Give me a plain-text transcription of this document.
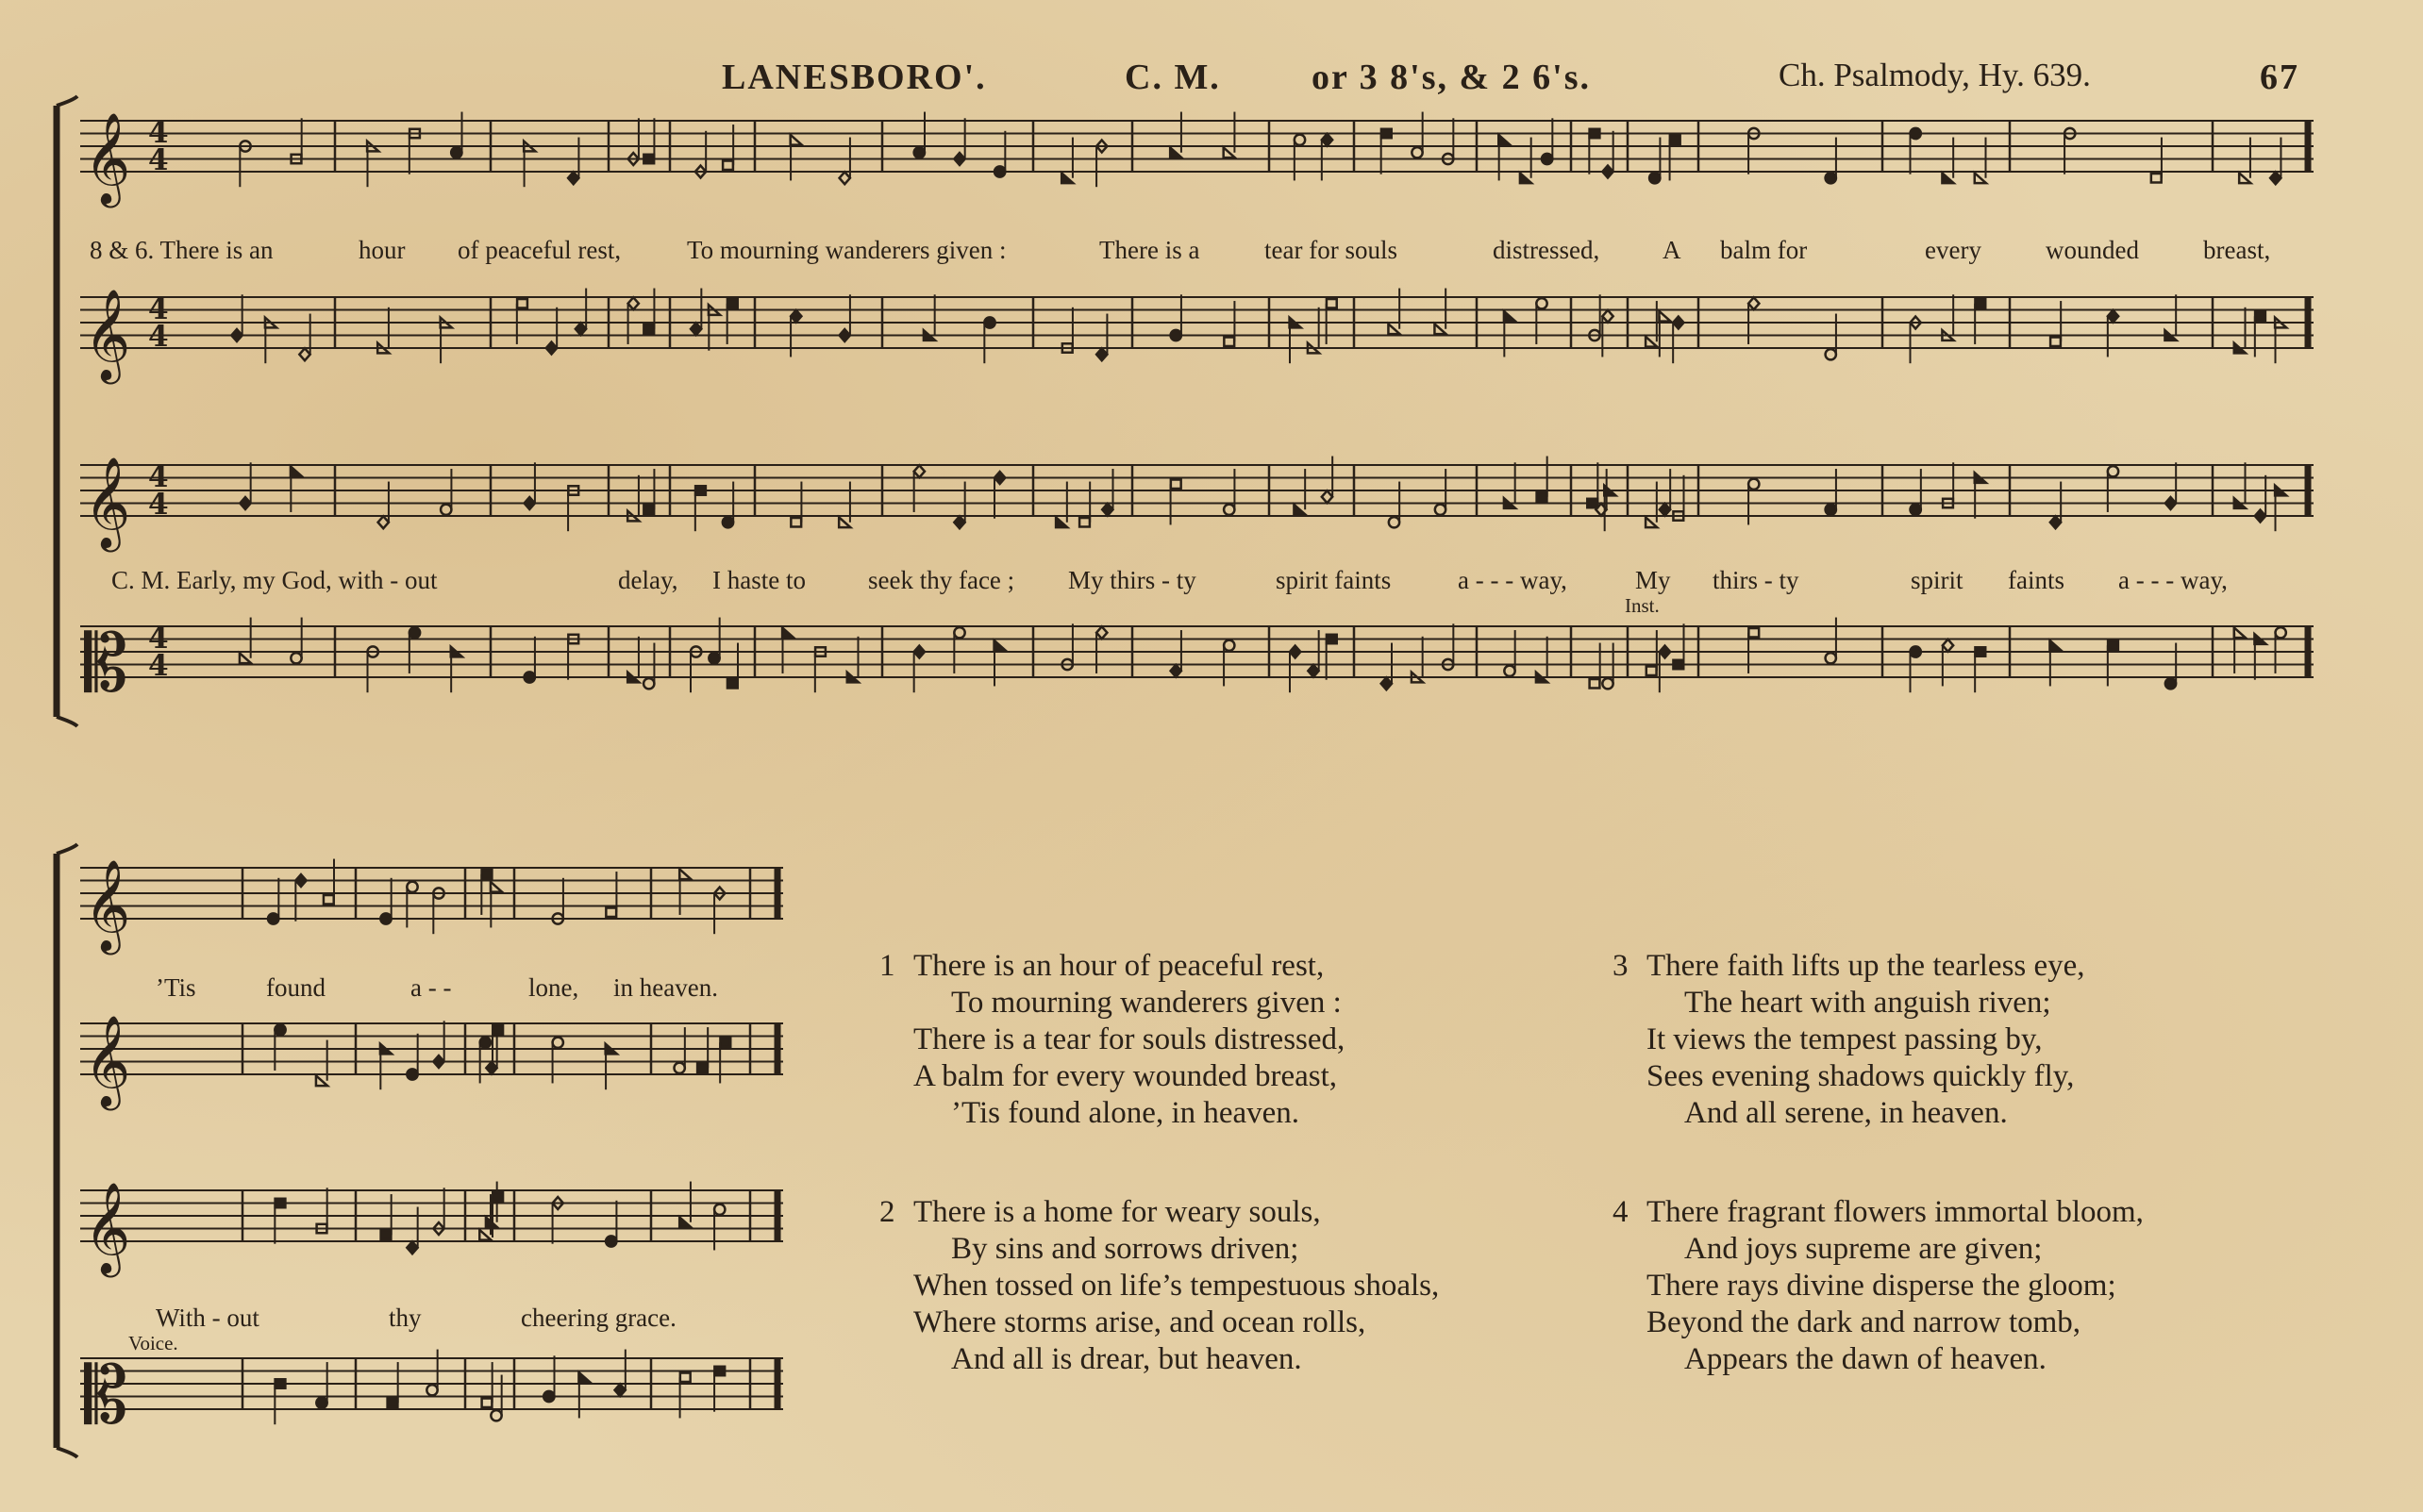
LANESBORO'.	C. M.	or 3 8's, & 2 6's.	Ch. Psalmody, Hy. 639.	67
𝄞 4
4
𝄞 4
4
𝄞 4
4
𝄡 4
4
𝄞
𝄞
𝄞
𝄡
8 & 6. There is an	hour of peaceful rest,	To mourning wanderers given :	There is a	tear for souls	distressed, A balm for	every	wounded	breast,
C. M. Early, my God, with - out	delay, I haste to seek thy face ; My thirs - ty	spirit faints	a - - - way,	My thirs - ty	spirit faints a - - - way,
’Tis	found	a - -	lone, in heaven.
With - out	thy	cheering grace.
Inst.
Voice.
1 There is an hour of peaceful rest,
To mourning wanderers given :
There is a tear for souls distressed,
A balm for every wounded breast,
’Tis found alone, in heaven.
2 There is a home for weary souls,
By sins and sorrows driven;
When tossed on life’s tempestuous shoals,
Where storms arise, and ocean rolls,
And all is drear, but heaven.
3 There faith lifts up the tearless eye,
The heart with anguish riven;
It views the tempest passing by,
Sees evening shadows quickly fly,
And all serene, in heaven.
4 There fragrant flowers immortal bloom,
And joys supreme are given;
There rays divine disperse the gloom;
Beyond the dark and narrow tomb,
Appears the dawn of heaven.
